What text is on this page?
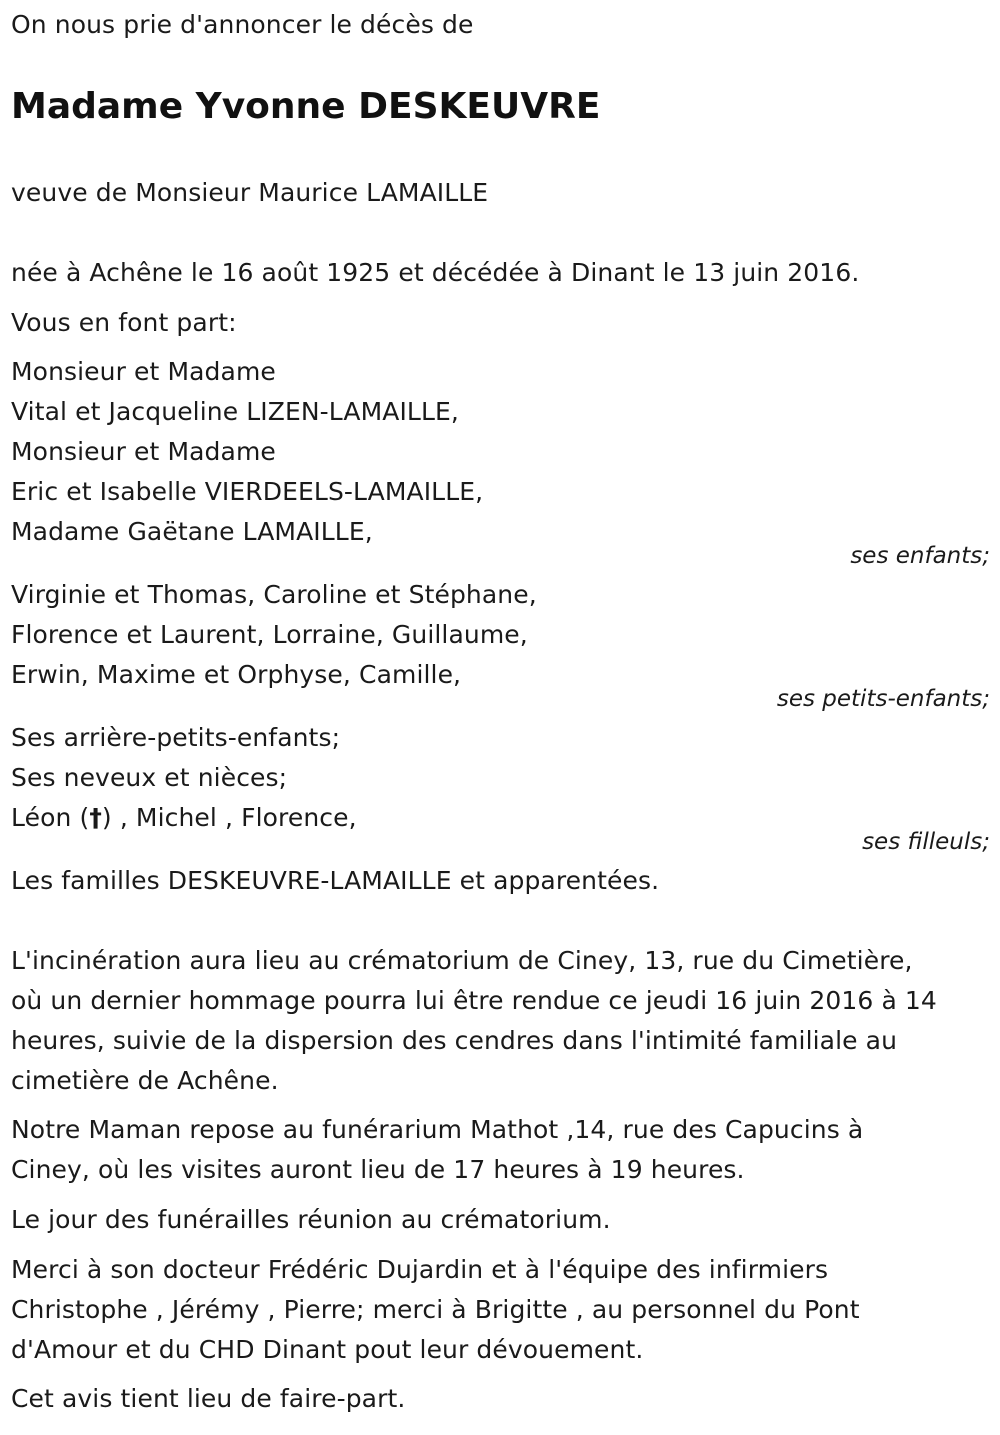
On nous prie d'annoncer le décès de
Madame Yvonne DESKEUVRE
veuve de Monsieur Maurice LAMAILLE
née à Achêne le 16 août 1925 et décédée à Dinant le 13 juin 2016.
Vous en font part:
Monsieur et Madame
Vital et Jacqueline LIZEN-LAMAILLE,
Monsieur et Madame
Eric et Isabelle VIERDEELS-LAMAILLE,
Madame Gaëtane LAMAILLE,
ses enfants;
Virginie et Thomas, Caroline et Stéphane,
Florence et Laurent, Lorraine, Guillaume,
Erwin, Maxime et Orphyse, Camille,
ses petits-enfants;
Ses arrière-petits-enfants;
Ses neveux et nièces;
Léon (†) , Michel , Florence,
ses filleuls;
Les familles DESKEUVRE-LAMAILLE et apparentées.
L'incinération aura lieu au crématorium de Ciney, 13, rue du Cimetière,
où un dernier hommage pourra lui être rendue ce jeudi 16 juin 2016 à 14
heures, suivie de la dispersion des cendres dans l'intimité familiale au
cimetière de Achêne.
Notre Maman repose au funérarium Mathot ,14, rue des Capucins à
Ciney, où les visites auront lieu de 17 heures à 19 heures.
Le jour des funérailles réunion au crématorium.
Merci à son docteur Frédéric Dujardin et à l'équipe des infirmiers
Christophe , Jérémy , Pierre; merci à Brigitte , au personnel du Pont
d'Amour et du CHD Dinant pout leur dévouement.
Cet avis tient lieu de faire-part.
